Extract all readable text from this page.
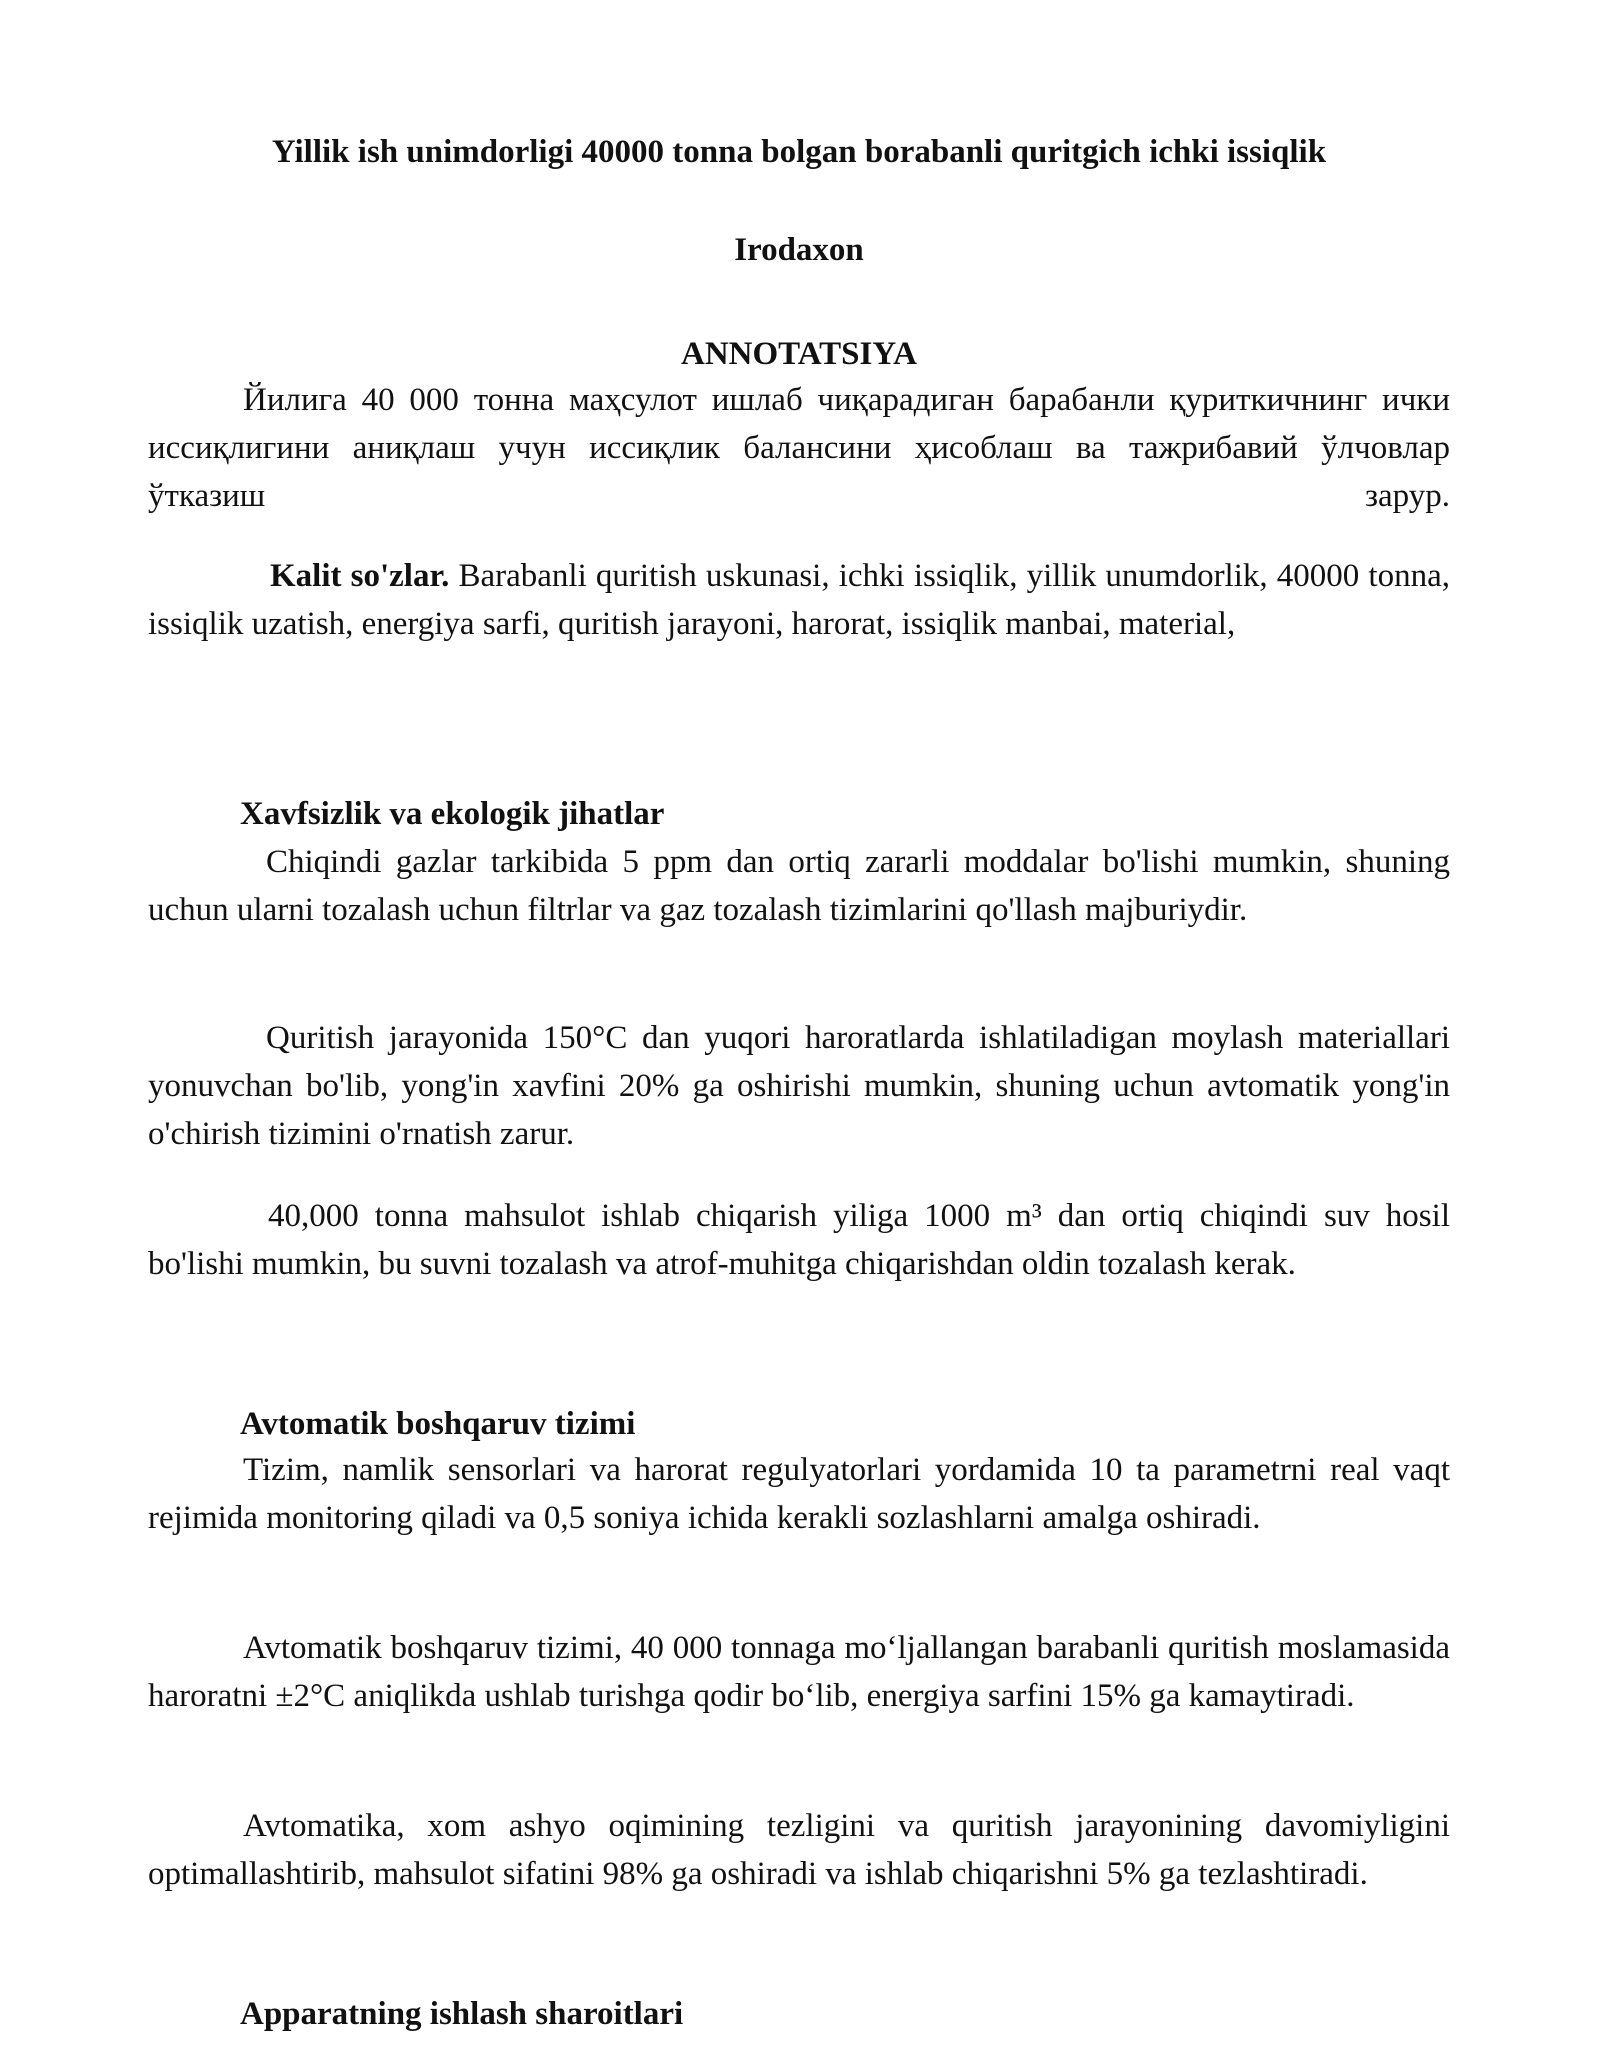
Yillik ish unimdorligi 40000 tonna bolgan borabanli quritgich ichki issiqlik
Irodaxon
ANNOTATSIYA

Йилига 40 000 тонна маҳсулот ишлаб чиқарадиган барабанли қуриткичнинг ички иссиқлигини аниқлаш учун иссиқлик балансини ҳисоблаш ва тажрибавий ўлчовлар ўтказиш зарур.

Kalit so'zlar. Barabanli quritish uskunasi, ichki issiqlik, yillik unumdorlik, 40000 tonna, issiqlik uzatish, energiya sarfi, quritish jarayoni, harorat, issiqlik manbai, material,

Xavfsizlik va ekologik jihatlar

Chiqindi gazlar tarkibida 5 ppm dan ortiq zararli moddalar bo'lishi mumkin, shuning uchun ularni tozalash uchun filtrlar va gaz tozalash tizimlarini qo'llash majburiydir.

Quritish jarayonida 150°C dan yuqori haroratlarda ishlatiladigan moylash materiallari yonuvchan bo'lib, yong'in xavfini 20% ga oshirishi mumkin, shuning uchun avtomatik yong'in o'chirish tizimini o'rnatish zarur.

40,000 tonna mahsulot ishlab chiqarish yiliga 1000 m³ dan ortiq chiqindi suv hosil bo'lishi mumkin, bu suvni tozalash va atrof-muhitga chiqarishdan oldin tozalash kerak.

Avtomatik boshqaruv tizimi

Tizim, namlik sensorlari va harorat regulyatorlari yordamida 10 ta parametrni real vaqt rejimida monitoring qiladi va 0,5 soniya ichida kerakli sozlashlarni amalga oshiradi.

Avtomatik boshqaruv tizimi, 40 000 tonnaga mo‘ljallangan barabanli quritish moslamasida haroratni ±2°C aniqlikda ushlab turishga qodir bo‘lib, energiya sarfini 15% ga kamaytiradi.

Avtomatika, xom ashyo oqimining tezligini va quritish jarayonining davomiyligini optimallashtirib, mahsulot sifatini 98% ga oshiradi va ishlab chiqarishni 5% ga tezlashtiradi.

Apparatning ishlash sharoitlari
